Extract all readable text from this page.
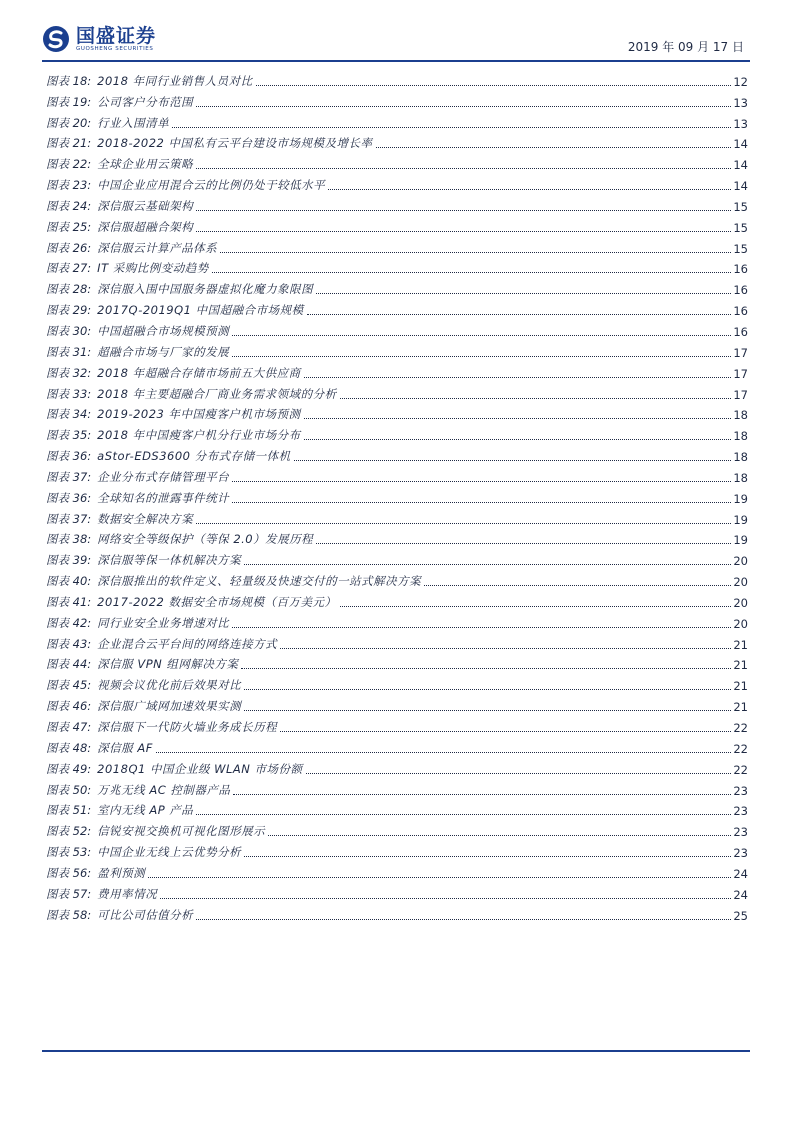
国盛证券
GUOSHENG SECURITIES	2019 年 09 月 17 日
图表 18: 2018 年同行业销售人员对比	12
图表 19: 公司客户分布范围	13
图表 20: 行业入围清单	13
图表 21: 2018-2022 中国私有云平台建设市场规模及增长率	14
图表 22: 全球企业用云策略	14
图表 23: 中国企业应用混合云的比例仍处于较低水平	14
图表 24: 深信服云基础架构	15
图表 25: 深信服超融合架构	15
图表 26: 深信服云计算产品体系	15
图表 27: IT 采购比例变动趋势	16
图表 28: 深信服入围中国服务器虚拟化魔力象限图	16
图表 29: 2017Q-2019Q1 中国超融合市场规模	16
图表 30: 中国超融合市场规模预测	16
图表 31: 超融合市场与厂家的发展	17
图表 32: 2018 年超融合存储市场前五大供应商	17
图表 33: 2018 年主要超融合厂商业务需求领域的分析	17
图表 34: 2019-2023 年中国瘦客户机市场预测	18
图表 35: 2018 年中国瘦客户机分行业市场分布	18
图表 36: aStor-EDS3600 分布式存储一体机	18
图表 37: 企业分布式存储管理平台	18
图表 36: 全球知名的泄露事件统计	19
图表 37: 数据安全解决方案	19
图表 38: 网络安全等级保护（等保 2.0）发展历程	19
图表 39: 深信服等保一体机解决方案	20
图表 40: 深信服推出的软件定义、轻量级及快速交付的一站式解决方案	20
图表 41: 2017-2022 数据安全市场规模（百万美元）	20
图表 42: 同行业安全业务增速对比	20
图表 43: 企业混合云平台间的网络连接方式	21
图表 44: 深信服 VPN 组网解决方案	21
图表 45: 视频会议优化前后效果对比	21
图表 46: 深信服广域网加速效果实测	21
图表 47: 深信服下一代防火墙业务成长历程	22
图表 48: 深信服 AF	22
图表 49: 2018Q1 中国企业级 WLAN 市场份额	22
图表 50: 万兆无线 AC 控制器产品	23
图表 51: 室内无线 AP 产品	23
图表 52: 信锐安视交换机可视化图形展示	23
图表 53: 中国企业无线上云优势分析	23
图表 56: 盈利预测	24
图表 57: 费用率情况	24
图表 58: 可比公司估值分析	25
